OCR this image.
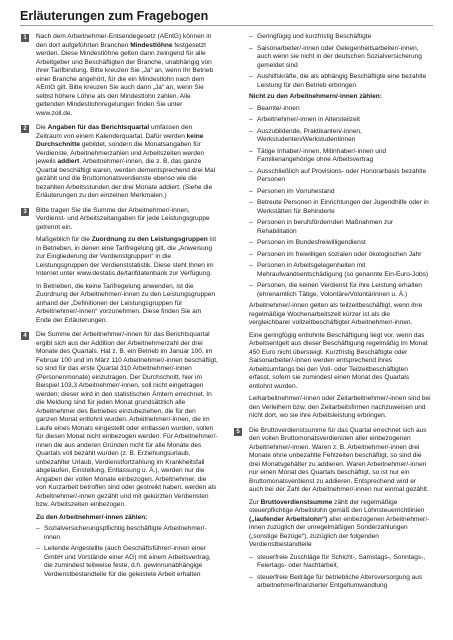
Erläuterungen zum Fragebogen
1	Nach dem Arbeitnehmer-Entsendegesetz (AEntG) können in den dort aufgeführten Branchen Mindestlöhne festgesetzt werden. Diese Mindestlöhne gelten dann zwingend für alle Arbeitgeber und Beschäftigten der Branche, unabhängig von ihrer Tarifbindung. Bitte kreuzen Sie „Ja“ an, wenn Ihr Betrieb einer Branche angehört, für die ein Mindestlohn nach dem AEntG gilt. Bitte kreuzen Sie auch dann „Ja“ an, wenn Sie selbst höhere Löhne als den Mindestlohn zahlen. Alle geltenden Mindestlohnregelungen finden Sie unter www.zoll.de.

2	Die Angaben für das Berichtsquartal umfassen den Zeitraum von einem Kalenderquartal. Dafür werden keine Durchschnitte gebildet, sondern die Monatsangaben für Verdienste, Arbeitnehmerzahlen und Arbeitszeiten werden jeweils addiert. Arbeitnehmer/-innen, die z. B. das ganze Quartal beschäftigt waren, werden dementsprechend drei Mal gezählt und die Bruttomonatsverdienste ebenso wie die bezahlten Arbeitsstunden der drei Monate addiert. (Siehe die Erläuterungen zu den einzelnen Merkmalen.)

3	Bitte tragen Sie die Summe der Arbeitnehmer/-innen, Verdienst- und Arbeitszeitangaben für jede Leistungsgruppe getrennt ein.

Maßgeblich für die Zuordnung zu den Leistungsgruppen ist in Betrieben, in denen eine Tarifregelung gilt, die „Anweisung zur Eingliederung der Verdienstgruppen“ in die Leistungsgruppen der Verdienststatistik. Diese steht Ihnen im Internet unter www.destatis.de/tarifdatenbank zur Verfügung.

In Betrieben, die keine Tarifregelung anwenden, ist die Zuordnung der Arbeitnehmer/-innen zu den Leistungsgruppen anhand der „Definitionen der Leistungsgruppen für Arbeitnehmer/-innen“ vorzunehmen. Diese finden Sie am Ende der Erläuterungen.

4	Die Summe der Arbeitnehmer/-innen für das Berichtsquartal ergibt sich aus der Addition der Arbeitnehmerzahl der drei Monate des Quartals. Hat z. B. ein Betrieb im Januar 100, im Februar 100 und im März 110 Arbeitnehmer/-innen beschäftigt, so sind für das erste Quartal 310 Arbeitnehmer/-innen (Personenmonate) einzutragen. Der Durchschnitt, hier im Beispiel 103,3 Arbeitnehmer/-innen, soll nicht eingetragen werden; dieser wird in den statistischen Ämtern errechnet. In die Meldung sind für jeden Monat grundsätzlich alle Arbeitnehmer des Betriebes einzubeziehen, die für den ganzen Monat entlohnt wurden. Arbeitnehmer/-innen, die im Laufe eines Monats eingestellt oder entlassen wurden, sollen für diesen Monat nicht einbezogen werden. Für Arbeitnehmer/-innen die aus anderen Gründen nicht für alle Monate des Quartals voll bezahlt wurden (z. B. Erziehungsurlaub, unbezahlter Urlaub, Verdienstfortzahlung im Krankheitsfall abgelaufen, Einstellung, Entlassung u. Ä.), werden nur die Angaben der vollen Monate einbezogen. Arbeitnehmer, die von Kurzarbeit betroffen sind oder gestreikt haben, werden als Arbeitnehmer/-innen gezählt und mit gekürzten Verdiensten bzw. Arbeitszeiten einbezogen.

Zu den Arbeitnehmer/-innen zählen:

– Sozialversicherungspflichtig beschäftigte Arbeitnehmer/-innen
– Leitende Angestellte (auch Geschäftsführer/-innen einer GmbH und Vorstände einer AG) mit einem Arbeitsvertrag, die zumindest teilweise feste, d.h. gewinnunabhängige Verdienstbestandteile für die geleistete Arbeit erhalten
– Geringfügig und kurzfristig Beschäftigte
– Saisonarbeiter/-innen oder Gelegenheitsarbeiter/-innen, auch wenn sie nicht in der deutschen Sozialversicherung gemeldet sind
– Aushilfskräfte, die als abhängig Beschäftigte eine bezahlte Leistung für den Betrieb erbringen

Nicht zu den Arbeitnehmern/-innen zählen:

– Beamte/-innen
– Arbeitnehmer/-innen in Altersteilzeit
– Auszubildende, Praktikanten/-innen, Werkstudenten/Werkstudentinnen
– Tätige Inhaber/-innen, Mitinhaber/-innen und Familienangehörige ohne Arbeitsvertrag
– Ausschließlich auf Provisions- oder Honorarbasis bezahlte Personen
– Personen im Vorruhestand
– Betreute Personen in Einrichtungen der Jugendhilfe oder in Werkstätten für Behinderte
– Personen in berufsfördernden Maßnahmen zur Rehabilitation
– Personen im Bundesfreiwilligendienst
– Personen im freiwilligen sozialen oder ökologischen Jahr
– Personen in Arbeitsgelegenheiten mit Mehraufwandsentschädigung (so genannte Ein-Euro-Jobs)
– Personen, die keinen Verdienst für ihre Leistung erhalten (ehrenamtlich Tätige, Volontäre/Volontärinnen u. Ä.)

Arbeitnehmer/-innen gelten als teilzeitbeschäftigt, wenn ihre regelmäßige Wochenarbeitszeit kürzer ist als die vergleichbarer vollzeitbeschäftigter Arbeitnehmer/-innen.

Eine geringfügig entlohnte Beschäftigung liegt vor, wenn das Arbeitsentgelt aus dieser Beschäftigung regelmäßig im Monat 450 Euro nicht übersteigt. Kurzfristig Beschäftigte oder Saisonarbeiter/-innen werden entsprechend ihres Arbeitsumfangs bei den Voll- oder Teilzeitbeschäftigten erfasst, sofern sie zumindest einen Monat des Quartals entlohnt wurden.

Leiharbeitnehmer/-innen oder Zeitarbeitnehmer/-innen sind bei den Verleihern bzw. den Zeitarbeitsfirmen nachzuweisen und nicht dort, wo sie ihre Arbeitsleistung erbringen.

5	Die Bruttoverdienstsumme für das Quartal errechnet sich aus den vollen Bruttomonatsverdiensten aller einbezogenen Arbeitnehmer/-innen. Waren z. B. Arbeitnehmer/-innen drei Monate ohne unbezahlte Fehlzeiten beschäftigt, so sind die drei Monatsgehälter zu addieren. Waren Arbeitnehmer/-innen nur einen Monat des Quartals beschäftigt, so ist nur ein Bruttomonatsverdienst zu addieren. Entsprechend wird er auch bei der Zahl der Arbeitnehmer/-innen nur einmal gezählt.

Zur Bruttoverdienstsumme zählt der regelmäßige steuerpflichtige Arbeitslohn gemäß den Lohnsteuerrichtlinien („laufender Arbeitslohn“) aller einbezogenen Arbeitnehmer/-innen zuzüglich der unregelmäßigen Sonderzahlungen („sonstige Bezüge“), zuzüglich der folgenden Verdienstbestandteile

– steuerfreie Zuschläge für Schicht-, Samstags-, Sonntags-, Feiertags- oder Nachtarbeit,
– steuerfreie Beiträge für betriebliche Altersversorgung aus arbeitnehmerfinanzierter Entgeltumwandlung
